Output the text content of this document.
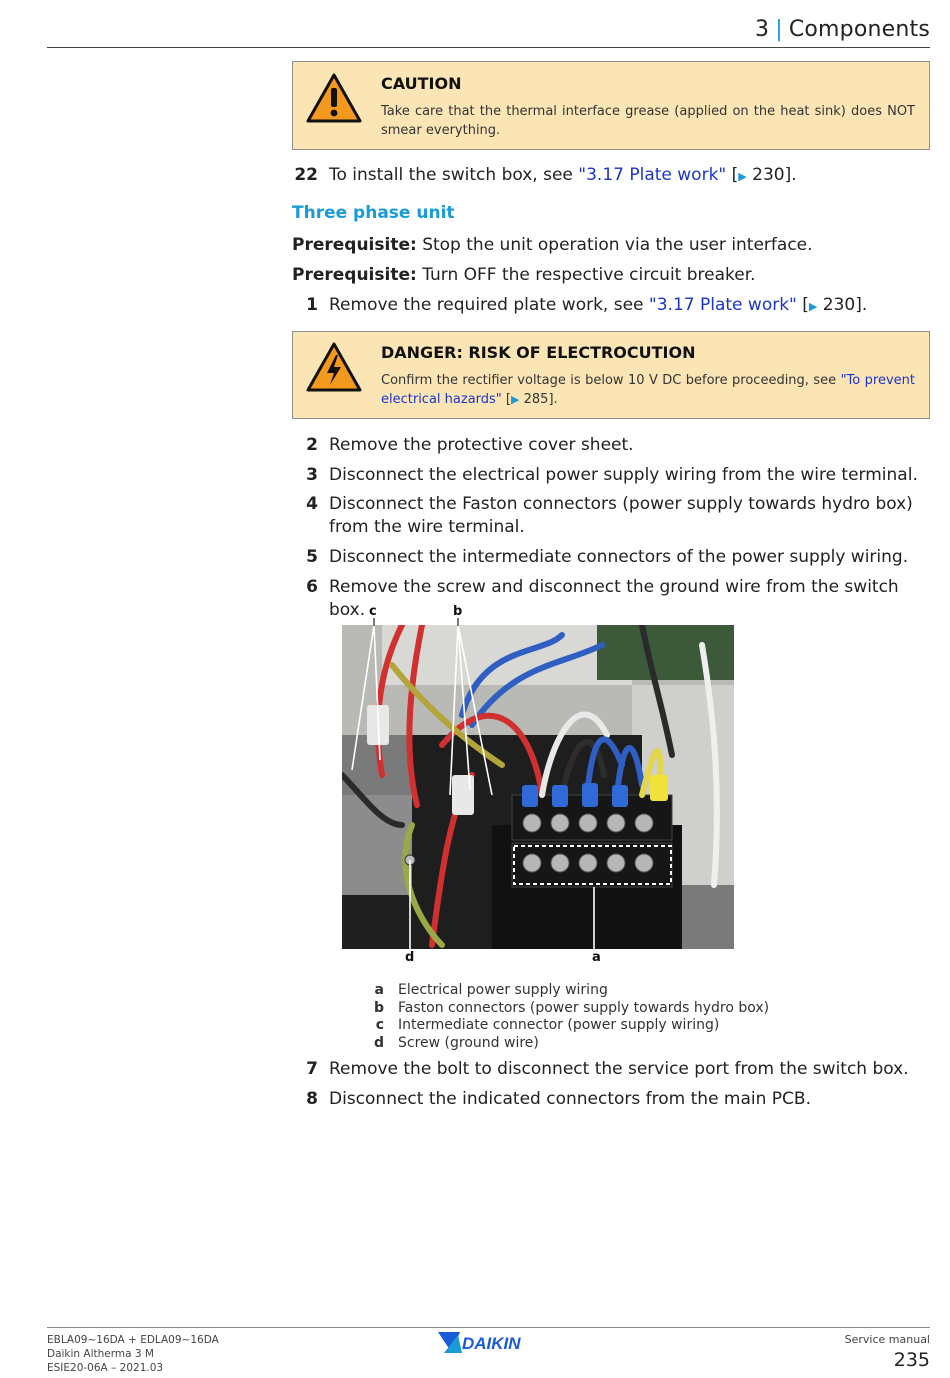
3 | Components
CAUTION
Take care that the thermal interface grease (applied on the heat sink) does NOT smear everything.
22 To install the switch box, see "3.17 Plate work" [▶ 230].
Three phase unit
Prerequisite: Stop the unit operation via the user interface.
Prerequisite: Turn OFF the respective circuit breaker.
1 Remove the required plate work, see "3.17 Plate work" [▶ 230].
DANGER: RISK OF ELECTROCUTION
Confirm the rectifier voltage is below 10 V DC before proceeding, see "To prevent electrical hazards" [▶ 285].
2 Remove the protective cover sheet.
3 Disconnect the electrical power supply wiring from the wire terminal.
4 Disconnect the Faston connectors (power supply towards hydro box) from the wire terminal.
5 Disconnect the intermediate connectors of the power supply wiring.
6 Remove the screw and disconnect the ground wire from the switch box. c	b
d	a
a Electrical power supply wiring
b Faston connectors (power supply towards hydro box)
c Intermediate connector (power supply wiring)
d Screw (ground wire)
7 Remove the bolt to disconnect the service port from the switch box.
8 Disconnect the indicated connectors from the main PCB.
EBLA09~16DA + EDLA09~16DA
Daikin Altherma 3 M
ESIE20-06A – 2021.03
DAIKIN	Service manual
235
